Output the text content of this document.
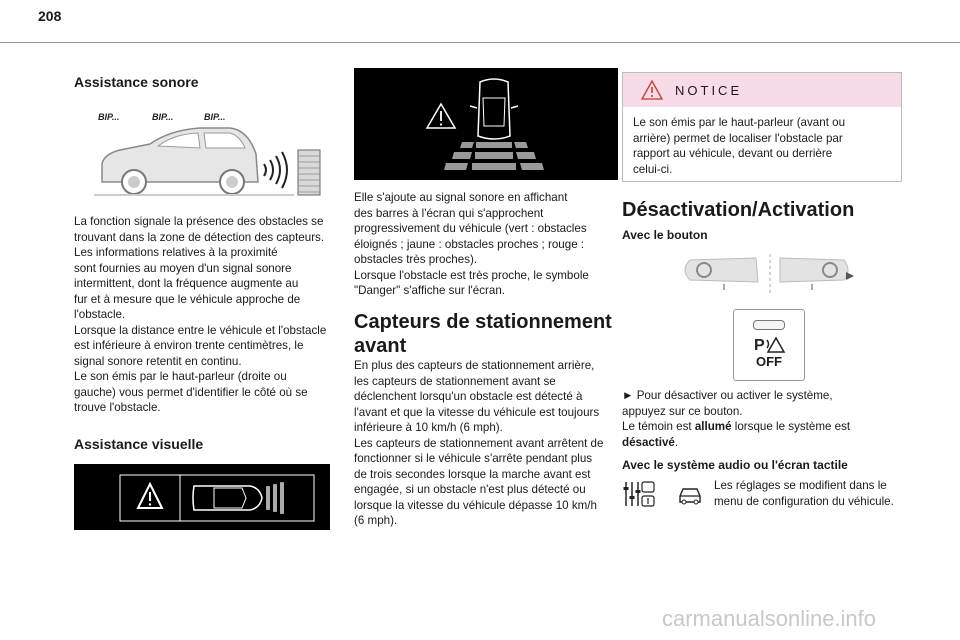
208
Assistance sonore
BIP...	BIP...	BIP...

La fonction signale la présence des obstacles se

trouvant dans la zone de détection des capteurs.

Les informations relatives à la proximité

sont fournies au moyen d'un signal sonore

intermittent, dont la fréquence augmente au

fur et à mesure que le véhicule approche de

l'obstacle.

Lorsque la distance entre le véhicule et l'obstacle

est inférieure à environ trente centimètres, le

signal sonore retentit en continu.

Le son émis par le haut-parleur (droite ou

gauche) vous permet d'identifier le côté où se

trouve l'obstacle.

Assistance visuelle

Elle s'ajoute au signal sonore en affichant

des barres à l'écran qui s'approchent

progressivement du véhicule (vert : obstacles

éloignés ; jaune : obstacles proches ; rouge :

obstacles très proches).

Lorsque l'obstacle est très proche, le symbole

"Danger" s'affiche sur l'écran.

Capteurs de stationnement
avant

En plus des capteurs de stationnement arrière,

les capteurs de stationnement avant se

déclenchent lorsqu'un obstacle est détecté à

l'avant et que la vitesse du véhicule est toujours

inférieure à 10 km/h (6 mph).

Les capteurs de stationnement avant arrêtent de

fonctionner si le véhicule s'arrête pendant plus

de trois secondes lorsque la marche avant est

engagée, si un obstacle n'est plus détecté ou

lorsque la vitesse du véhicule dépasse 10 km/h

(6 mph).

NOTICE
Le son émis par le haut-parleur (avant ou
arrière) permet de localiser l'obstacle par
rapport au véhicule, devant ou derrière
celui-ci.
Désactivation/Activation
Avec le bouton
P
OFF

► Pour désactiver ou activer le système,

appuyez sur ce bouton.

Le témoin est allumé lorsque le système est

désactivé.

Avec le système audio ou l'écran tactile

Les réglages se modifient dans le

menu de configuration du véhicule.

carmanualsonline.info
